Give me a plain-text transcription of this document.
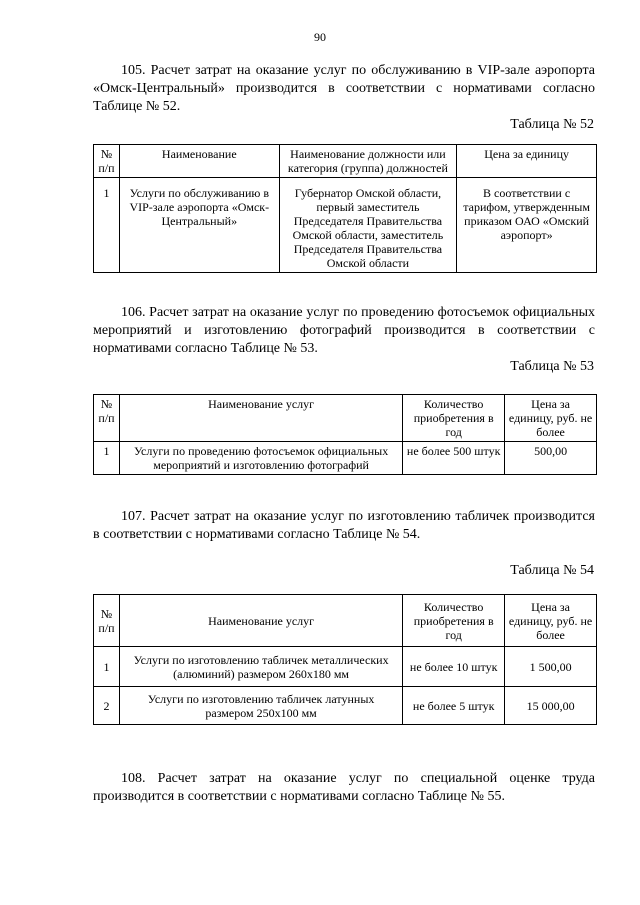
90

105. Расчет затрат на оказание услуг по обслуживанию в VIP-зале аэропорта «Омск-Центральный» производится в соответствии с нормативами согласно Таблице № 52.

Таблица № 52
№ п/п	Наименование	Наименование должности или категория (группа) должностей	Цена за единицу
1	Услуги по обслуживанию в VIP-зале аэропорта «Омск-Центральный»	Губернатор Омской области, первый заместитель Председателя Правительства Омской области, заместитель Председателя Правительства Омской области	В соответствии с тарифом, утвержденным приказом ОАО «Омский аэропорт»

106. Расчет затрат на оказание услуг по проведению фотосъемок официальных мероприятий и изготовлению фотографий производится в соответствии с нормативами согласно Таблице № 53.

Таблица № 53
№ п/п	Наименование услуг	Количество приобретения в год	Цена за единицу, руб. не более
1	Услуги по проведению фотосъемок официальных мероприятий и изготовлению фотографий	не более 500 штук	500,00

107. Расчет затрат на оказание услуг по изготовлению табличек производится в соответствии с нормативами согласно Таблице № 54.

Таблица № 54
№ п/п	Наименование услуг	Количество приобретения в год	Цена за единицу, руб. не более
1	Услуги по изготовлению табличек металлических (алюминий) размером 260х180 мм	не более 10 штук	1 500,00
2	Услуги по изготовлению табличек латунных размером 250х100 мм	не более 5 штук	15 000,00

108. Расчет затрат на оказание услуг по специальной оценке труда производится в соответствии с нормативами согласно Таблице № 55.
